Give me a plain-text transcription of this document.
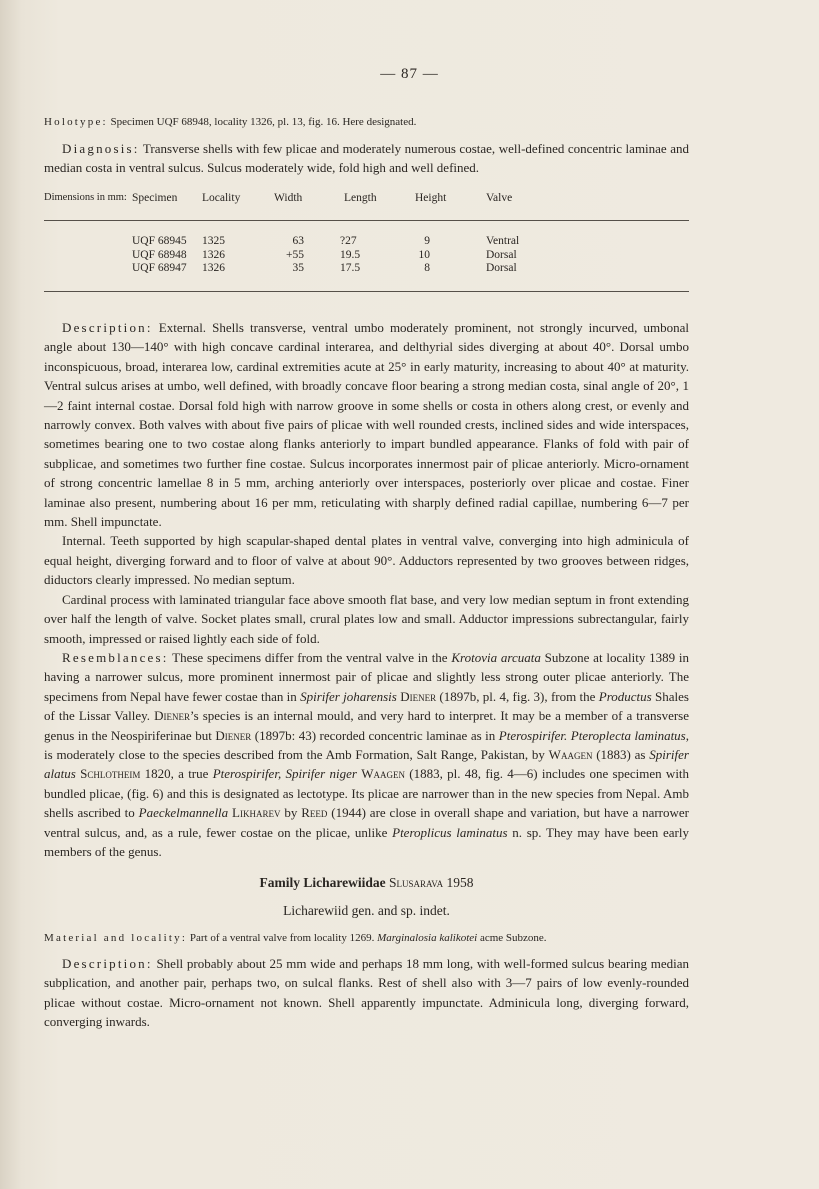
— 87 —
Holotype: Specimen UQF 68948, locality 1326, pl. 13, fig. 16. Here designated.

Diagnosis: Transverse shells with few plicae and moderately numerous costae, well-defined concentric laminae and median costa in ventral sulcus. Sulcus moderately wide, fold high and well defined.

Dimensions in mm: Specimen Locality	Width	Length	Height	Valve
UQF 68945 1325	63	?27	9	Ventral
UQF 68948 1326	+55	19.5	10	Dorsal
UQF 68947 1326	35	17.5	8	Dorsal

Description: External. Shells transverse, ventral umbo moderately prominent, not strongly incurved, umbonal angle about 130—140° with high concave cardinal interarea, and delthyrial sides diverging at about 40°. Dorsal umbo inconspicuous, broad, interarea low, cardinal extremities acute at 25° in early maturity, increasing to about 40° at maturity. Ventral sulcus arises at umbo, well defined, with broadly concave floor bearing a strong median costa, sinal angle of 20°, 1—2 faint internal costae. Dorsal fold high with narrow groove in some shells or costa in others along crest, or evenly and narrowly convex. Both valves with about five pairs of plicae with well rounded crests, inclined sides and wide interspaces, sometimes bearing one to two costae along flanks anteriorly to impart bundled appearance. Flanks of fold with pair of subplicae, and sometimes two further fine costae. Sulcus incorporates innermost pair of plicae anteriorly. Micro-ornament of strong concentric lamellae 8 in 5 mm, arching anteriorly over interspaces, posteriorly over plicae and costae. Finer laminae also present, numbering about 16 per mm, reticulating with sharply defined radial capillae, numbering 6—7 per mm. Shell impunctate.

Internal. Teeth supported by high scapular-shaped dental plates in ventral valve, converging into high adminicula of equal height, diverging forward and to floor of valve at about 90°. Adductors represented by two grooves between ridges, diductors clearly impressed. No median septum.

Cardinal process with laminated triangular face above smooth flat base, and very low median septum in front extending over half the length of valve. Socket plates small, crural plates low and small. Adductor impressions subrectangular, fairly smooth, impressed or raised lightly each side of fold.

Resemblances: These specimens differ from the ventral valve in the Krotovia arcuata Subzone at locality 1389 in having a narrower sulcus, more prominent innermost pair of plicae and slightly less strong outer plicae anteriorly. The specimens from Nepal have fewer costae than in Spirifer joharensis Diener (1897b, pl. 4, fig. 3), from the Productus Shales of the Lissar Valley. Diener’s species is an internal mould, and very hard to interpret. It may be a member of a transverse genus in the Neospiriferinae but Diener (1897b: 43) recorded concentric laminae as in Pterospirifer. Pteroplecta laminatus, is moderately close to the species described from the Amb Formation, Salt Range, Pakistan, by Waagen (1883) as Spirifer alatus Schlotheim 1820, a true Pterospirifer, Spirifer niger Waagen (1883, pl. 48, fig. 4—6) includes one specimen with bundled plicae, (fig. 6) and this is designated as lectotype. Its plicae are narrower than in the new species from Nepal. Amb shells ascribed to Paeckelmannella Likharev by Reed (1944) are close in overall shape and variation, but have a narrower ventral sulcus, and, as a rule, fewer costae on the plicae, unlike Pteroplicus laminatus n. sp. They may have been early members of the genus.

Family Licharewiidae Slusarava 1958
Licharewiid gen. and sp. indet.
Material and locality: Part of a ventral valve from locality 1269. Marginalosia kalikotei acme Subzone.

Description: Shell probably about 25 mm wide and perhaps 18 mm long, with well-formed sulcus bearing median subplication, and another pair, perhaps two, on sulcal flanks. Rest of shell also with 3—7 pairs of low evenly-rounded plicae without costae. Micro-ornament not known. Shell apparently impunctate. Adminicula long, diverging forward, converging inwards.
